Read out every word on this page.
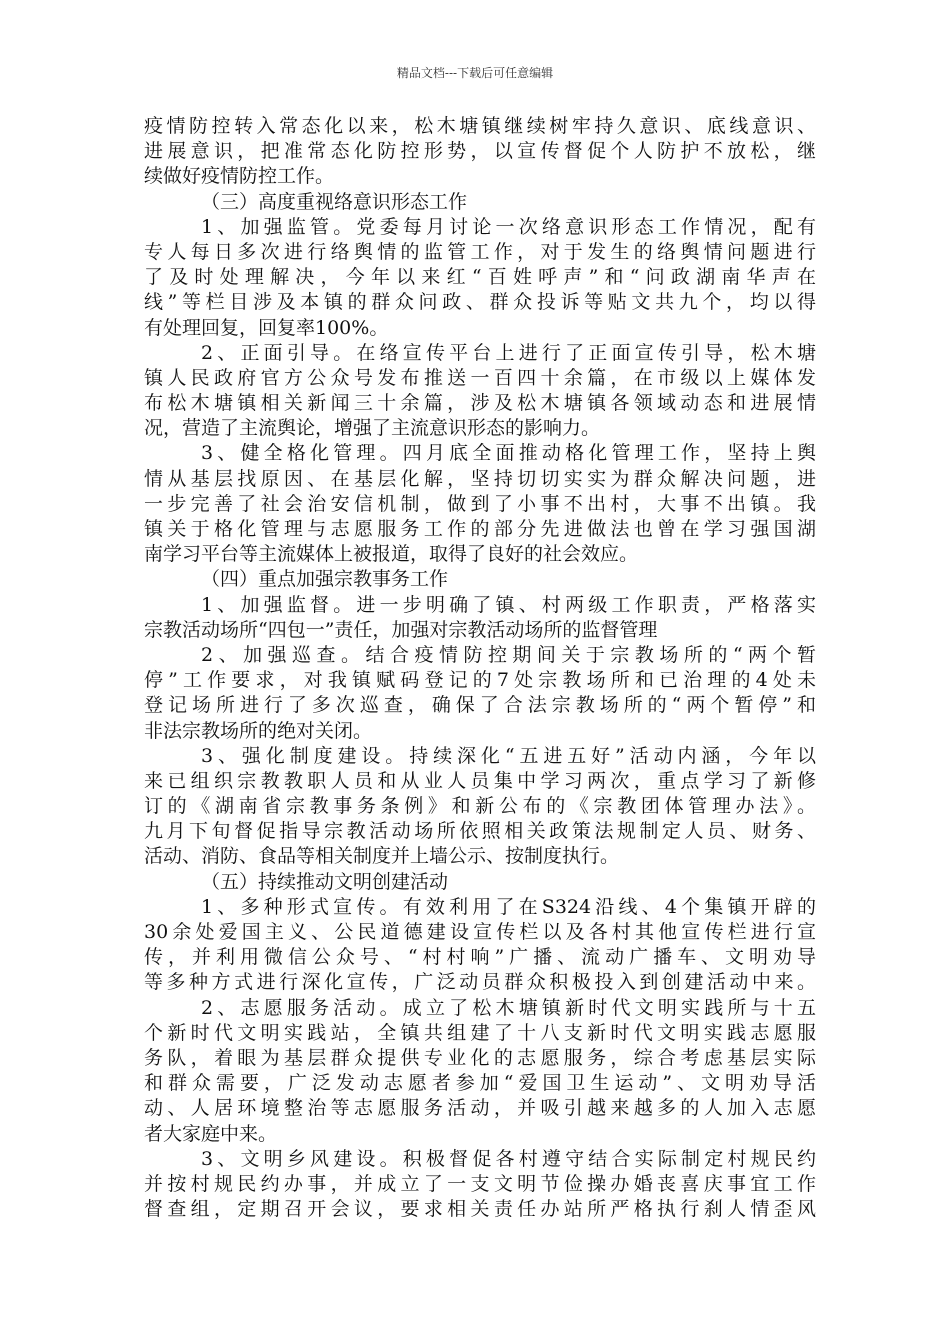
精品文档---下载后可任意编辑
疫情防控转入常态化以来，松木塘镇继续树牢持久意识、底线意识、
进展意识，把准常态化防控形势，以宣传督促个人防护不放松，继
续做好疫情防控工作。
（三）高度重视络意识形态工作
1、加强监管。党委每月讨论一次络意识形态工作情况，配有
专人每日多次进行络舆情的监管工作，对于发生的络舆情问题进行
了及时处理解决，今年以来红“百姓呼声”和“问政湖南华声在
线”等栏目涉及本镇的群众问政、群众投诉等贴文共九个，均以得
有处理回复，回复率100%。
2、正面引导。在络宣传平台上进行了正面宣传引导，松木塘
镇人民政府官方公众号发布推送一百四十余篇，在市级以上媒体发
布松木塘镇相关新闻三十余篇，涉及松木塘镇各领域动态和进展情
况，营造了主流舆论，增强了主流意识形态的影响力。
3、健全格化管理。四月底全面推动格化管理工作，坚持上舆
情从基层找原因、在基层化解，坚持切切实实为群众解决问题，进
一步完善了社会治安信机制，做到了小事不出村，大事不出镇。我
镇关于格化管理与志愿服务工作的部分先进做法也曾在学习强国湖
南学习平台等主流媒体上被报道，取得了良好的社会效应。
（四）重点加强宗教事务工作
1、加强监督。进一步明确了镇、村两级工作职责，严格落实
宗教活动场所“四包一”责任，加强对宗教活动场所的监督管理
2、加强巡查。结合疫情防控期间关于宗教场所的“两个暂
停”工作要求，对我镇赋码登记的7处宗教场所和已治理的4处未
登记场所进行了多次巡查，确保了合法宗教场所的“两个暂停”和
非法宗教场所的绝对关闭。
3、强化制度建设。持续深化“五进五好”活动内涵，今年以
来已组织宗教教职人员和从业人员集中学习两次，重点学习了新修
订的《湖南省宗教事务条例》和新公布的《宗教团体管理办法》。
九月下旬督促指导宗教活动场所依照相关政策法规制定人员、财务、
活动、消防、食品等相关制度并上墙公示、按制度执行。
（五）持续推动文明创建活动
1、多种形式宣传。有效利用了在S324沿线、4个集镇开辟的
30余处爱国主义、公民道德建设宣传栏以及各村其他宣传栏进行宣
传，并利用微信公众号、“村村响”广播、流动广播车、文明劝导
等多种方式进行深化宣传，广泛动员群众积极投入到创建活动中来。
2、志愿服务活动。成立了松木塘镇新时代文明实践所与十五
个新时代文明实践站，全镇共组建了十八支新时代文明实践志愿服
务队，着眼为基层群众提供专业化的志愿服务，综合考虑基层实际
和群众需要，广泛发动志愿者参加“爱国卫生运动”、文明劝导活
动、人居环境整治等志愿服务活动，并吸引越来越多的人加入志愿
者大家庭中来。
3、文明乡风建设。积极督促各村遵守结合实际制定村规民约
并按村规民约办事，并成立了一支文明节俭操办婚丧喜庆事宜工作
督查组，定期召开会议，要求相关责任办站所严格执行刹人情歪风
